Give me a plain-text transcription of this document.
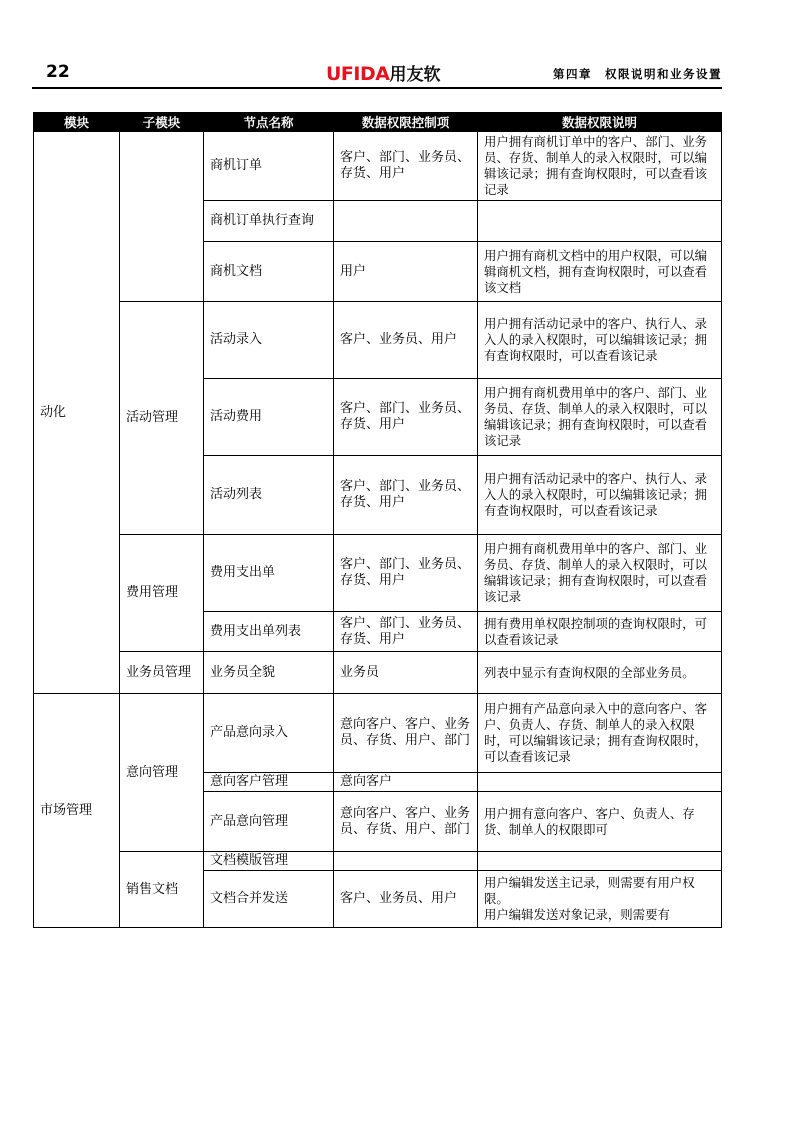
22	UFIDA用友软	第四章　权限说明和业务设置
模块	子模块	节点名称	数据权限控制项	数据权限说明
动化		商机订单	客户、部门、业务员、存货、用户	用户拥有商机订单中的客户、部门、业务员、存货、制单人的录入权限时，可以编辑该记录；拥有查询权限时，可以查看该记录
		商机订单执行查询		
		商机文档	用户	用户拥有商机文档中的用户权限，可以编辑商机文档，拥有查询权限时，可以查看该文档
	活动管理	活动录入	客户、业务员、用户	用户拥有活动记录中的客户、执行人、录入人的录入权限时，可以编辑该记录；拥有查询权限时，可以查看该记录
		活动费用	客户、部门、业务员、存货、用户	用户拥有商机费用单中的客户、部门、业务员、存货、制单人的录入权限时，可以编辑该记录；拥有查询权限时，可以查看该记录
		活动列表	客户、部门、业务员、存货、用户	用户拥有活动记录中的客户、执行人、录入人的录入权限时，可以编辑该记录；拥有查询权限时，可以查看该记录
	费用管理	费用支出单	客户、部门、业务员、存货、用户	用户拥有商机费用单中的客户、部门、业务员、存货、制单人的录入权限时，可以编辑该记录；拥有查询权限时，可以查看该记录
		费用支出单列表	客户、部门、业务员、存货、用户	拥有费用单权限控制项的查询权限时，可以查看该记录
	业务员管理	业务员全貌	业务员	列表中显示有查询权限的全部业务员。
市场管理	意向管理	产品意向录入	意向客户、客户、业务员、存货、用户、部门	用户拥有产品意向录入中的意向客户、客户、负责人、存货、制单人的录入权限时，可以编辑该记录；拥有查询权限时，可以查看该记录
		意向客户管理	意向客户	
		产品意向管理	意向客户、客户、业务员、存货、用户、部门	用户拥有意向客户、客户、负责人、存货、制单人的权限即可
	销售文档	文档模版管理		
		文档合并发送	客户、业务员、用户	用户编辑发送主记录，则需要有用户权限。
用户编辑发送对象记录，则需要有
